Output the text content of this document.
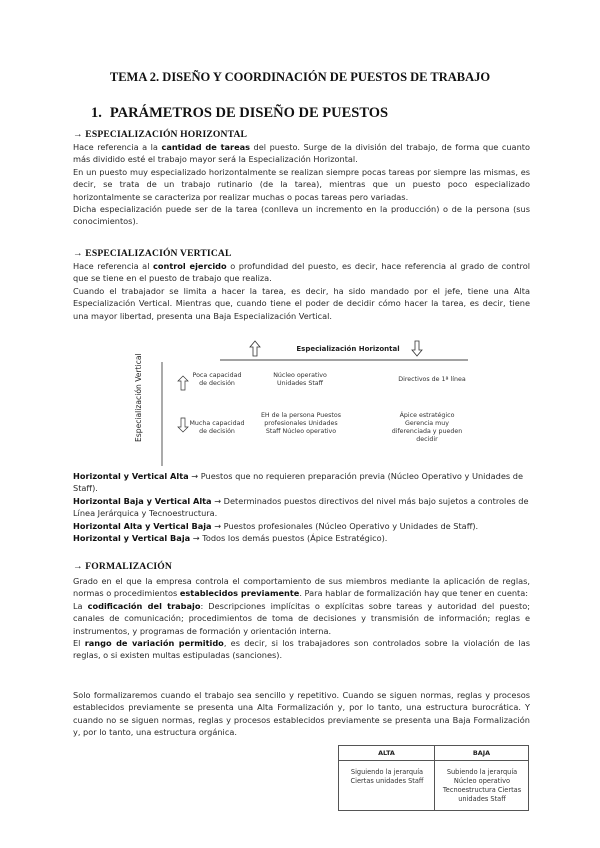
TEMA 2. DISEÑO Y COORDINACIÓN DE PUESTOS DE TRABAJO
1. PARÁMETROS DE DISEÑO DE PUESTOS
→ ESPECIALIZACIÓN HORIZONTAL

Hace referencia a la cantidad de tareas del puesto. Surge de la división del trabajo, de forma que cuanto más dividido esté el trabajo mayor será la Especialización Horizontal.

En un puesto muy especializado horizontalmente se realizan siempre pocas tareas por siempre las mismas, es decir, se trata de un trabajo rutinario (de la tarea), mientras que un puesto poco especializado horizontalmente se caracteriza por realizar muchas o pocas tareas pero variadas.

Dicha especialización puede ser de la tarea (conlleva un incremento en la producción) o de la persona (sus conocimientos).

→ ESPECIALIZACIÓN VERTICAL

Hace referencia al control ejercido o profundidad del puesto, es decir, hace referencia al grado de control que se tiene en el puesto de trabajo que realiza.

Cuando el trabajador se limita a hacer la tarea, es decir, ha sido mandado por el jefe, tiene una Alta Especialización Vertical. Mientras que, cuando tiene el poder de decidir cómo hacer la tarea, es decir, tiene una mayor libertad, presenta una Baja Especialización Vertical.

Especialización Horizontal
Especialización Vertical	Poca capacidad de decisión
Núcleo operativo Unidades Staff
Directivos de 1ª línea
Mucha capacidad de decisión
EH de la persona Puestos profesionales Unidades Staff Núcleo operativo
Ápice estratégico Gerencia muy diferenciada y pueden decidir

Horizontal y Vertical Alta → Puestos que no requieren preparación previa (Núcleo Operativo y Unidades de Staff).

Horizontal Baja y Vertical Alta → Determinados puestos directivos del nivel más bajo sujetos a controles de Línea Jerárquica y Tecnoestructura.

Horizontal Alta y Vertical Baja → Puestos profesionales (Núcleo Operativo y Unidades de Staff).

Horizontal y Vertical Baja → Todos los demás puestos (Ápice Estratégico).

→ FORMALIZACIÓN

Grado en el que la empresa controla el comportamiento de sus miembros mediante la aplicación de reglas, normas o procedimientos establecidos previamente. Para hablar de formalización hay que tener en cuenta:

La codificación del trabajo: Descripciones implícitas o explícitas sobre tareas y autoridad del puesto; canales de comunicación; procedimientos de toma de decisiones y transmisión de información; reglas e instrumentos, y programas de formación y orientación interna.

El rango de variación permitido, es decir, si los trabajadores son controlados sobre la violación de las reglas, o si existen multas estipuladas (sanciones).

Solo formalizaremos cuando el trabajo sea sencillo y repetitivo. Cuando se siguen normas, reglas y procesos establecidos previamente se presenta una Alta Formalización y, por lo tanto, una estructura burocrática. Y cuando no se siguen normas, reglas y procesos establecidos previamente se presenta una Baja Formalización y, por lo tanto, una estructura orgánica.

ALTA	BAJA
Siguiendo la jerarquía Ciertas unidades Staff
Subiendo la jerarquía Núcleo operativo Tecnoestructura Ciertas unidades Staff
